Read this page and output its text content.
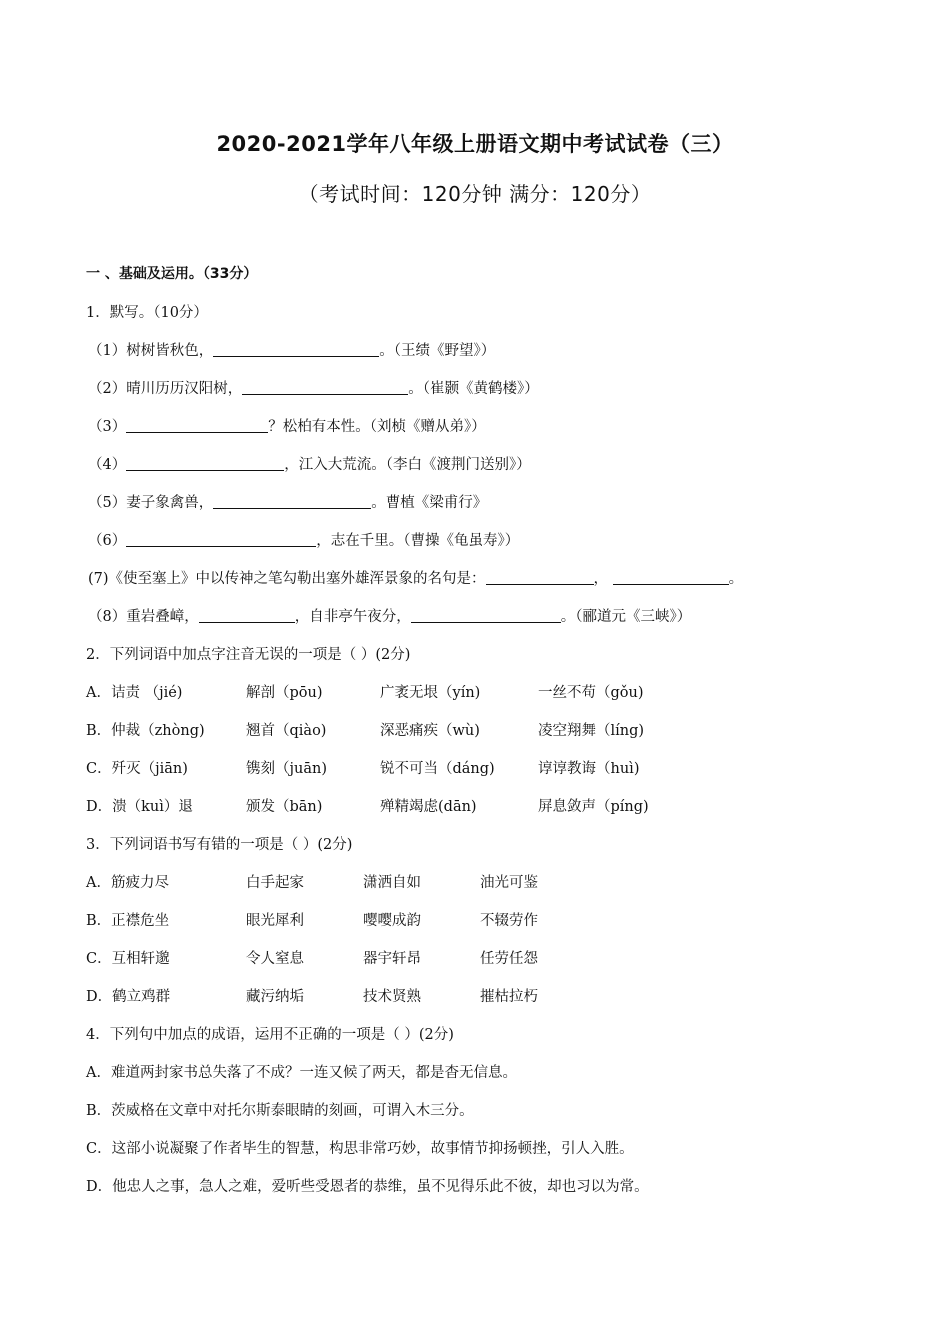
2020-2021学年八年级上册语文期中考试试卷（三）
（考试时间：120分钟 满分：120分）
一 、基础及运用。（33分）
1．默写。（10分）
（1）树树皆秋色，	。（王绩《野望》）
（2）晴川历历汉阳树，	。（崔颢《黄鹤楼》）
（3）	？松柏有本性。（刘桢《赠从弟》）
（4）	，江入大荒流。（李白《渡荆门送别》）
（5）妻子象禽兽，	。曹植《梁甫行》
（6）	，志在千里。（曹操《龟虽寿》）
(7)《使至塞上》中以传神之笔勾勒出塞外雄浑景象的名句是：	，	。
（8）重岩叠嶂，	，自非亭午夜分，	。（郦道元《三峡》）
2．下列词语中加点字注音无误的一项是（ ）(2分)
A．诘责 （jié)	解剖（pōu)	广袤无垠（yín)	一丝不苟（gǒu)
B．仲裁（zhòng)	翘首（qiào)	深恶痛疾（wù)	凌空翔舞（líng)
C．歼灭（jiān)	镌刻（juān)	锐不可当（dáng)	谆谆教诲（huì)
D．溃（kuì）退	颁发（bān)	殚精竭虑(dān)	屏息敛声（píng)
3．下列词语书写有错的一项是（ ）(2分)
A．筋疲力尽	白手起家	潇洒自如	油光可鉴
B．正襟危坐	眼光犀利	嘤嘤成韵	不辍劳作
C．互相轩邈	令人窒息	器宇轩昂	任劳任怨
D．鹤立鸡群	藏污纳垢	技术贤熟	摧枯拉朽
4．下列句中加点的成语，运用不正确的一项是（ ）(2分)
A．难道两封家书总失落了不成？一连又候了两天，都是杳无信息。
B．茨威格在文章中对托尔斯泰眼睛的刻画，可谓入木三分。
C．这部小说凝聚了作者毕生的智慧，构思非常巧妙，故事情节抑扬顿挫，引人入胜。
D．他忠人之事，急人之难，爱听些受恩者的恭维，虽不见得乐此不彼，却也习以为常。
